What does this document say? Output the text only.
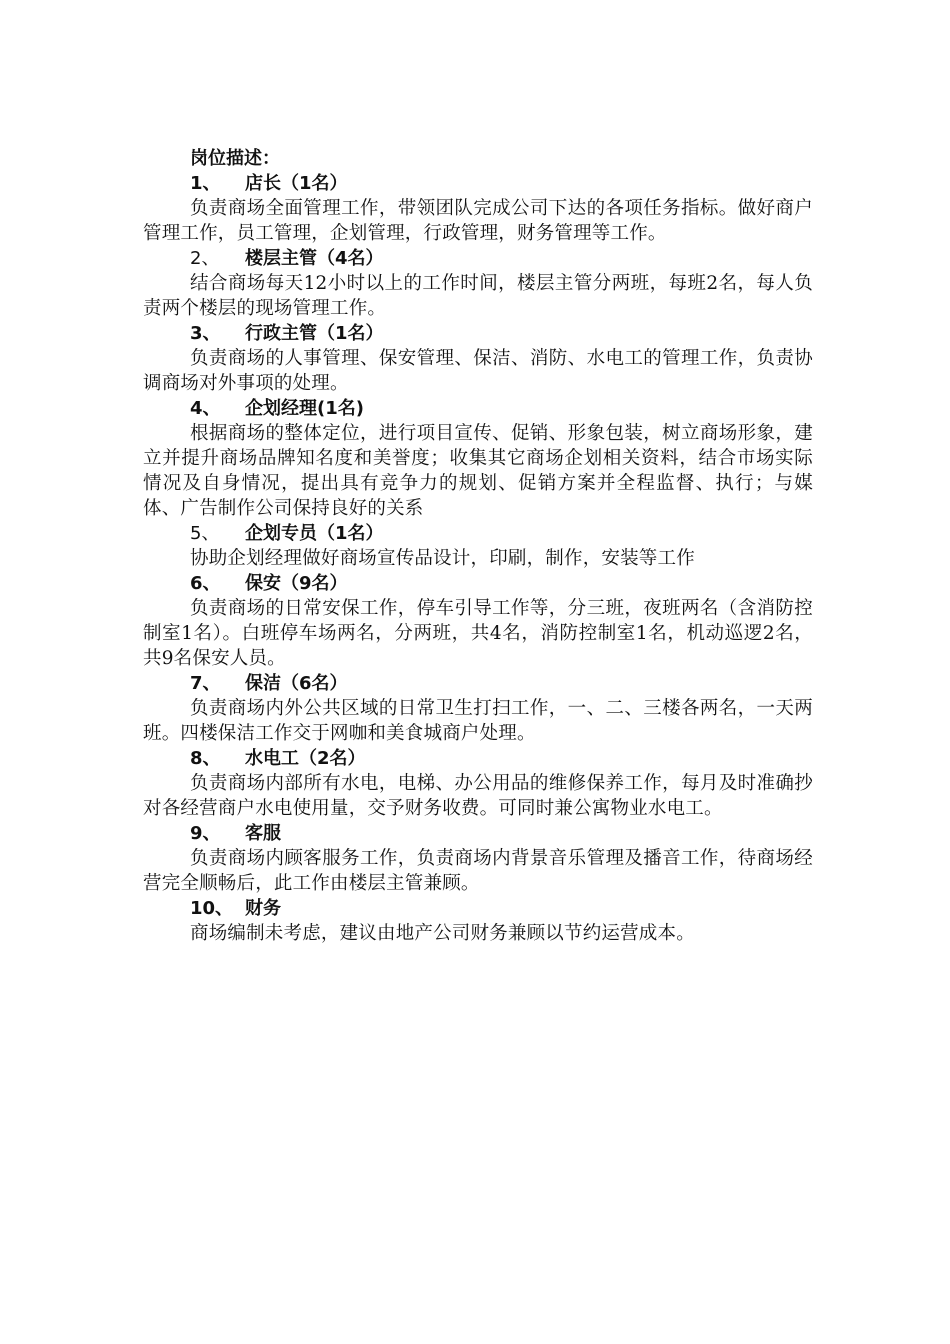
岗位描述：
1、 店长（1名）

负责商场全面管理工作，带领团队完成公司下达的各项任务指标。做好商户管理工作，员工管理，企划管理，行政管理，财务管理等工作。

2、 楼层主管（4名）

结合商场每天12小时以上的工作时间，楼层主管分两班，每班2名，每人负责两个楼层的现场管理工作。

3、 行政主管（1名）

负责商场的人事管理、保安管理、保洁、消防、水电工的管理工作，负责协调商场对外事项的处理。

4、 企划经理(1名)

根据商场的整体定位，进行项目宣传、促销、形象包装，树立商场形象，建立并提升商场品牌知名度和美誉度；收集其它商场企划相关资料，结合市场实际情况及自身情况，提出具有竞争力的规划、促销方案并全程监督、执行；与媒体、广告制作公司保持良好的关系

5、 企划专员（1名）

协助企划经理做好商场宣传品设计，印刷，制作，安装等工作

6、 保安（9名）

负责商场的日常安保工作，停车引导工作等，分三班，夜班两名（含消防控制室1名）。白班停车场两名，分两班，共4名，消防控制室1名，机动巡逻2名，共9名保安人员。

7、 保洁（6名）

负责商场内外公共区域的日常卫生打扫工作，一、二、三楼各两名，一天两班。四楼保洁工作交于网咖和美食城商户处理。

8、 水电工（2名）

负责商场内部所有水电，电梯、办公用品的维修保养工作，每月及时准确抄对各经营商户水电使用量，交予财务收费。可同时兼公寓物业水电工。

9、 客服

负责商场内顾客服务工作，负责商场内背景音乐管理及播音工作，待商场经营完全顺畅后，此工作由楼层主管兼顾。

10、 财务

商场编制未考虑，建议由地产公司财务兼顾以节约运营成本。
